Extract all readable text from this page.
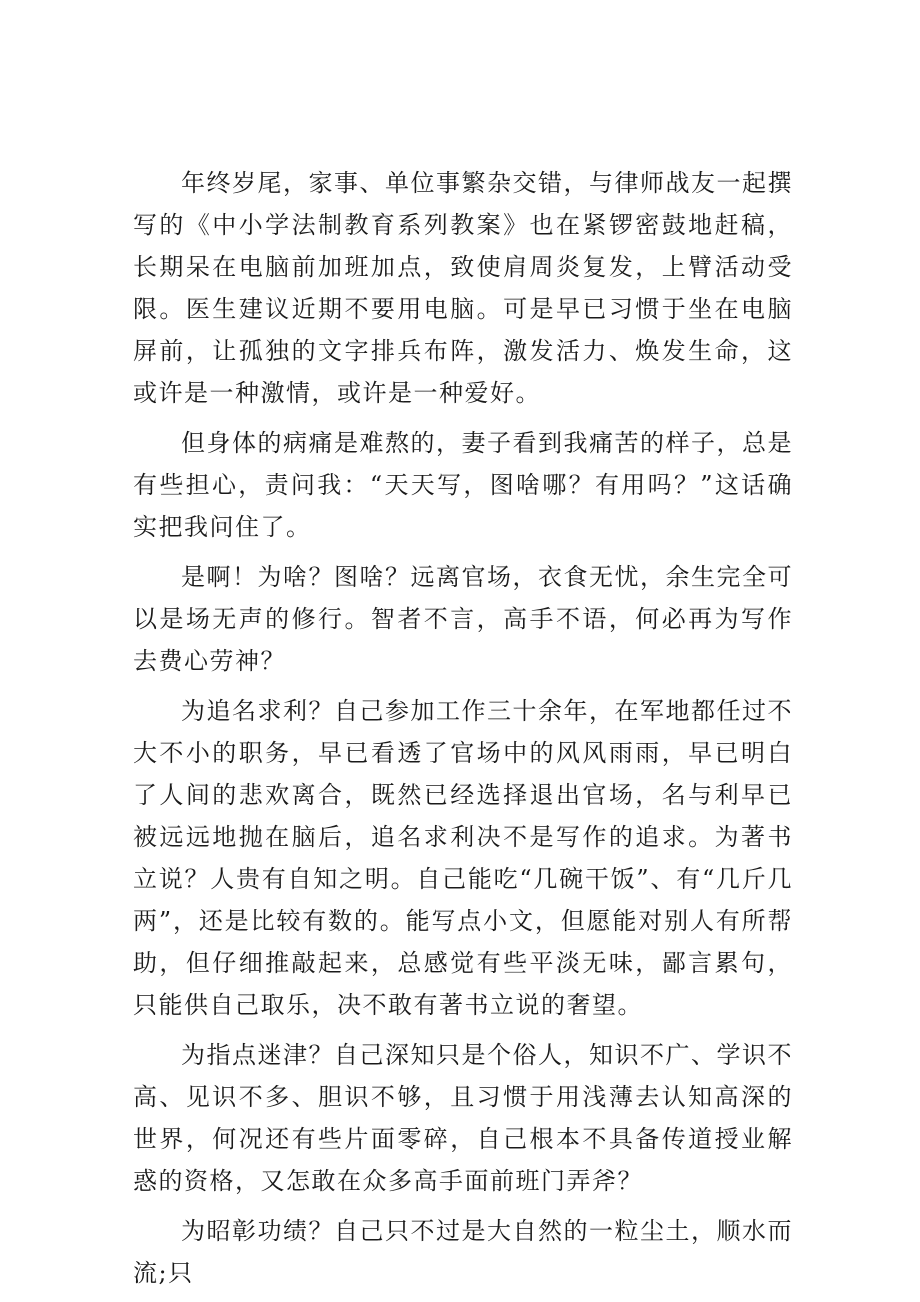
年终岁尾，家事、单位事繁杂交错，与律师战友一起撰写的《中小学法制教育系列教案》也在紧锣密鼓地赶稿，长期呆在电脑前加班加点，致使肩周炎复发，上臂活动受限。医生建议近期不要用电脑。可是早已习惯于坐在电脑屏前，让孤独的文字排兵布阵，激发活力、焕发生命，这或许是一种激情，或许是一种爱好。

但身体的病痛是难熬的，妻子看到我痛苦的样子，总是有些担心，责问我：“天天写，图啥哪？有用吗？”这话确实把我问住了。

是啊！为啥？图啥？远离官场，衣食无忧，余生完全可以是场无声的修行。智者不言，高手不语，何必再为写作去费心劳神？

为追名求利？自己参加工作三十余年，在军地都任过不大不小的职务，早已看透了官场中的风风雨雨，早已明白了人间的悲欢离合，既然已经选择退出官场，名与利早已被远远地抛在脑后，追名求利决不是写作的追求。为著书立说？人贵有自知之明。自己能吃“几碗干饭”、有“几斤几两”，还是比较有数的。能写点小文，但愿能对别人有所帮助，但仔细推敲起来，总感觉有些平淡无味，鄙言累句，只能供自己取乐，决不敢有著书立说的奢望。

为指点迷津？自己深知只是个俗人，知识不广、学识不高、见识不多、胆识不够，且习惯于用浅薄去认知高深的世界，何况还有些片面零碎，自己根本不具备传道授业解惑的资格，又怎敢在众多高手面前班门弄斧？

为昭彰功绩？自己只不过是大自然的一粒尘土，顺水而流;只
